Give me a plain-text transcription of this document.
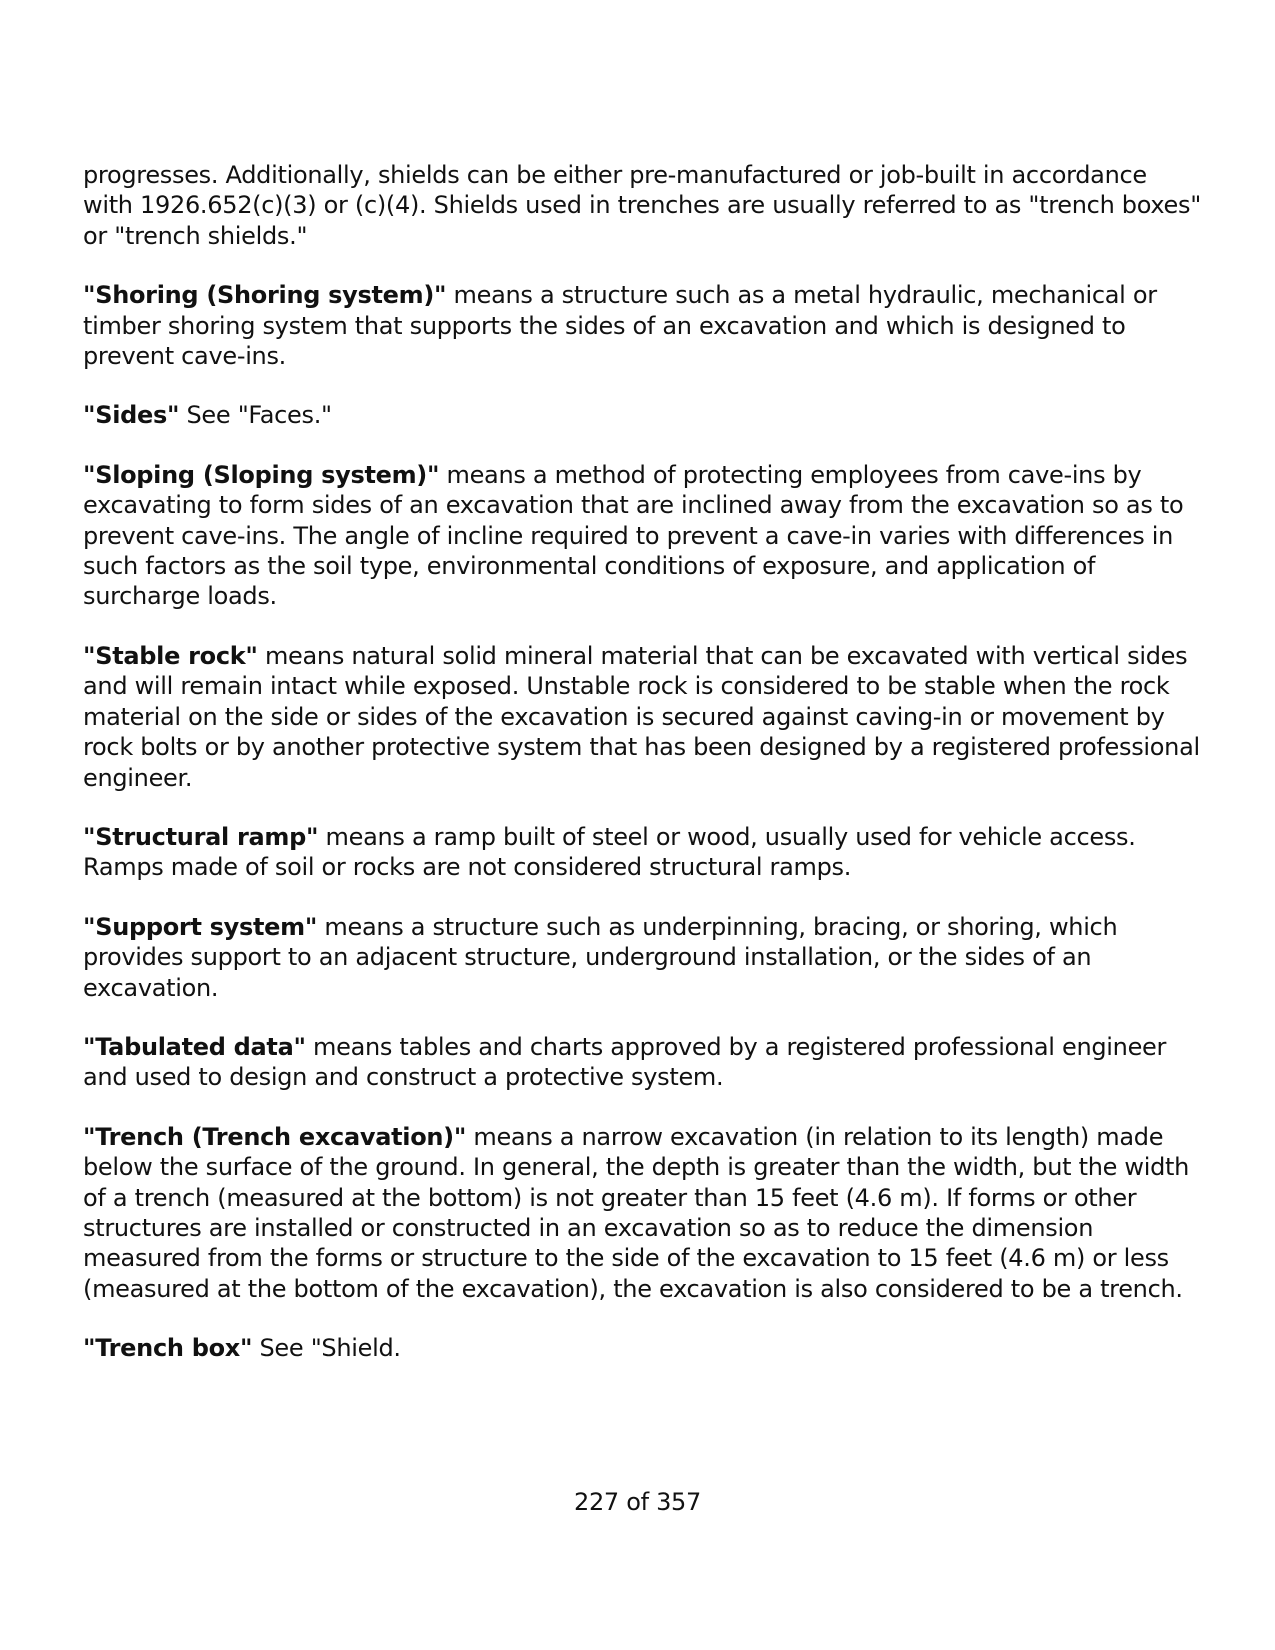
progresses. Additionally, shields can be either pre-manufactured or job-built in accordance with 1926.652(c)(3) or (c)(4). Shields used in trenches are usually referred to as "trench boxes" or "trench shields."

"Shoring (Shoring system)" means a structure such as a metal hydraulic, mechanical or timber shoring system that supports the sides of an excavation and which is designed to prevent cave-ins.

"Sides" See "Faces."

"Sloping (Sloping system)" means a method of protecting employees from cave-ins by excavating to form sides of an excavation that are inclined away from the excavation so as to prevent cave-ins. The angle of incline required to prevent a cave-in varies with differences in such factors as the soil type, environmental conditions of exposure, and application of surcharge loads.

"Stable rock" means natural solid mineral material that can be excavated with vertical sides and will remain intact while exposed. Unstable rock is considered to be stable when the rock material on the side or sides of the excavation is secured against caving-in or movement by rock bolts or by another protective system that has been designed by a registered professional engineer.

"Structural ramp" means a ramp built of steel or wood, usually used for vehicle access. Ramps made of soil or rocks are not considered structural ramps.

"Support system" means a structure such as underpinning, bracing, or shoring, which provides support to an adjacent structure, underground installation, or the sides of an excavation.

"Tabulated data" means tables and charts approved by a registered professional engineer and used to design and construct a protective system.

"Trench (Trench excavation)" means a narrow excavation (in relation to its length) made below the surface of the ground. In general, the depth is greater than the width, but the width of a trench (measured at the bottom) is not greater than 15 feet (4.6 m). If forms or other structures are installed or constructed in an excavation so as to reduce the dimension measured from the forms or structure to the side of the excavation to 15 feet (4.6 m) or less (measured at the bottom of the excavation), the excavation is also considered to be a trench.

"Trench box" See "Shield.

227 of 357
